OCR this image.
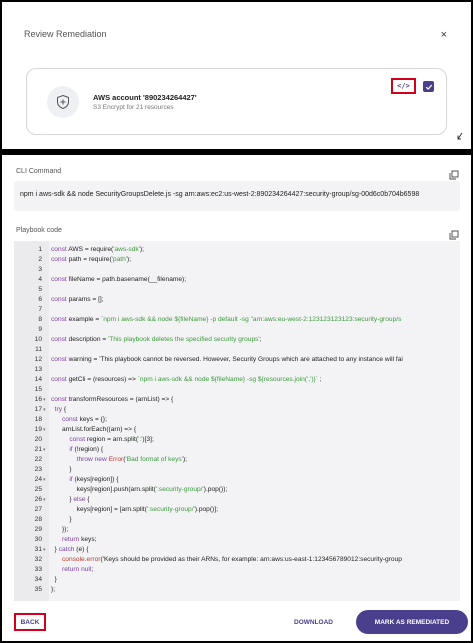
Review Remediation	×
AWS account '890234264427'
S3 Encrypt for 21 resources
</>
CLI Command
npm i aws-sdk && node SecurityGroupsDelete.js -sg arn:aws:ec2:us-west-2:890234264427:security-group/sg-00d6c0b704b6598
Playbook code
1 const AWS = require('aws-sdk');
2 const path = require('path');
3
4 const fileName = path.basename(__filename);
5
6 const params = [];
7
8 const example = `npm i aws-sdk && node ${fileName} -p default -sg "arn:aws:eu-west-2:123123123123:security-group/s
9
10 const description = 'This playbook deletes the specified security groups';
11
12 const warning = 'This playbook cannot be reversed. However, Security Groups which are attached to any instance will fai
13
14 const getCli = (resources) => `npm i aws-sdk && node ${fileName} -sg ${resources.join(',')}` ;
15
16 ▾ const transformResources = (arnList) => {
17 ▾	try {
18	const keys = {};
19 ▾ arnList.forEach((arn) => {
20	const region = arn.split(':')[3];
21 ▾	if (!region) {
22	throw new Error('Bad format of keys');
23 }
24 ▾	if (keys[region]) {
25 keys[region].push(arn.split(':security-group/').pop());
26 ▾ } else {
27 keys[region] = [arn.split(':security-group/').pop()];
28 }
29 });
30	return keys;
31 ▾ } catch (e) {
32	console.error('Keys should be provided as their ARNs, for example: arn:aws:us-east-1:123456789012:security-group
33	return null;
34 }
35 };
BACK	DOWNLOAD	MARK AS REMEDIATED
